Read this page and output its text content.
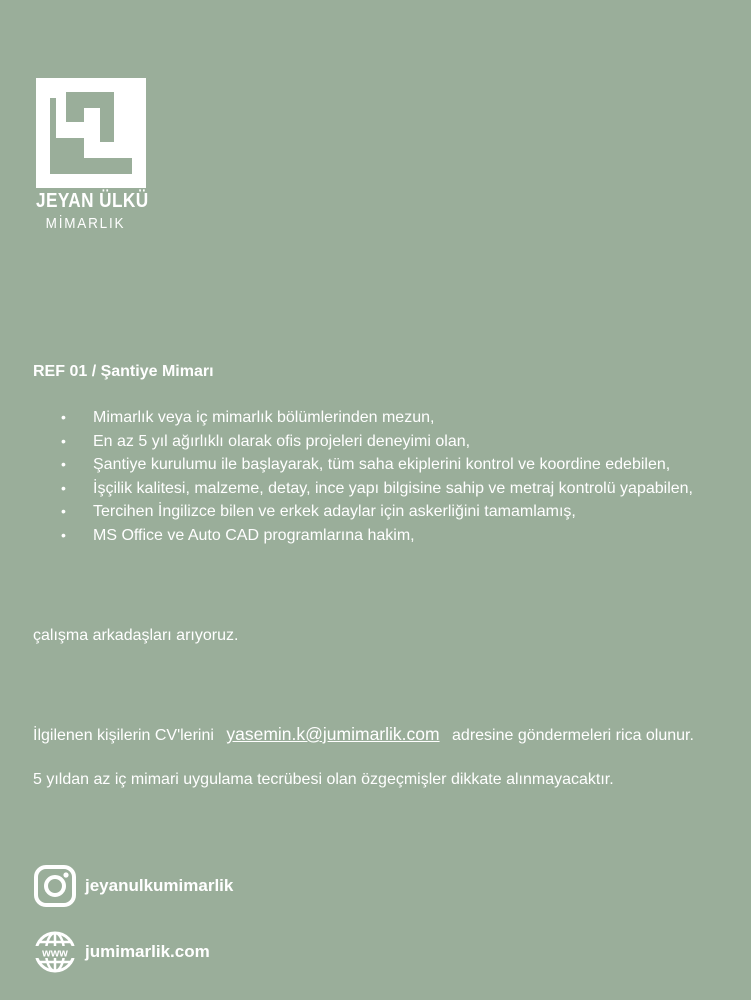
JEYAN ÜLKÜ
MİMARLIK
REF 01 / Şantiye Mimarı
• Mimarlık veya iç mimarlık bölümlerinden mezun,
• En az 5 yıl ağırlıklı olarak ofis projeleri deneyimi olan,
• Şantiye kurulumu ile başlayarak, tüm saha ekiplerini kontrol ve koordine edebilen,
• İşçilik kalitesi, malzeme, detay, ince yapı bilgisine sahip ve metraj kontrolü yapabilen,
• Tercihen İngilizce bilen ve erkek adaylar için askerliğini tamamlamış,
• MS Office ve Auto CAD programlarına hakim,
çalışma arkadaşları arıyoruz.
İlgilenen kişilerin CV'lerini yasemin.k@jumimarlik.com adresine göndermeleri rica olunur.
5 yıldan az iç mimari uygulama tecrübesi olan özgeçmişler dikkate alınmayacaktır.
jeyanulkumimarlik
www jumimarlik.com
